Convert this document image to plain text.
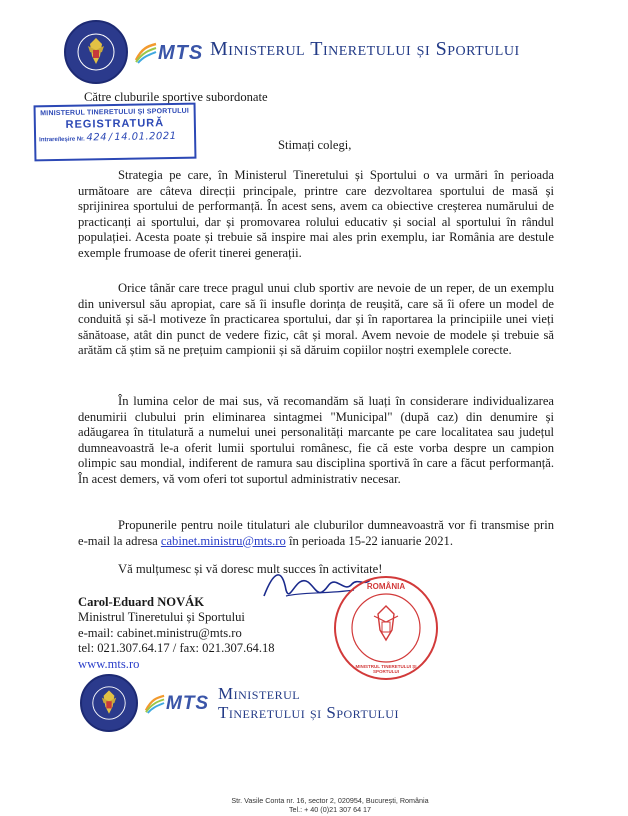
MTS Ministerul Tineretului și Sportului
Către cluburile sportive subordonate
MINISTERUL TINERETULUI ȘI SPORTULUI
REGISTRATURĂ
Intrare/Ieșire Nr. 424 / 14.01.2021
Stimați colegi,

Strategia pe care, în Ministerul Tineretului și Sportului o va urmări în perioada următoare are câteva direcții principale, printre care dezvoltarea sportului de masă și sprijinirea sportului de performanță. În acest sens, avem ca obiective creșterea numărului de practicanți ai sportului, dar și promovarea rolului educativ și social al sportului în rândul populației. Acesta poate și trebuie să inspire mai ales prin exemplu, iar România are destule exemple frumoase de oferit tinerei generații.

Orice tânăr care trece pragul unui club sportiv are nevoie de un reper, de un exemplu din universul său apropiat, care să îi insufle dorința de reușită, care să îi ofere un model de conduită și să-l motiveze în practicarea sportului, dar și în raportarea la principiile unei vieți sănătoase, atât din punct de vedere fizic, cât și moral. Avem nevoie de modele și trebuie să arătăm că știm să ne prețuim campionii și să dăruim copiilor noștri exemplele corecte.

În lumina celor de mai sus, vă recomandăm să luați în considerare individualizarea denumirii clubului prin eliminarea sintagmei "Municipal" (după caz) din denumire și adăugarea în titulatură a numelui unei personalități marcante pe care localitatea sau județul dumneavoastră le-a oferit lumii sportului românesc, fie că este vorba despre un campion olimpic sau mondial, indiferent de ramura sau disciplina sportivă în care a făcut performanță. În acest demers, vă vom oferi tot suportul administrativ necesar.

Propunerile pentru noile titulaturi ale cluburilor dumneavoastră vor fi transmise prin e-mail la adresa cabinet.ministru@mts.ro în perioada 15-22 ianuarie 2021.

Vă mulțumesc și vă doresc mult succes în activitate!

Carol-Eduard NOVÁK
Ministrul Tineretului și Sportului
e-mail: cabinet.ministru@mts.ro
tel: 021.307.64.17 / fax: 021.307.64.18
www.mts.ro
ROMÂNIA
MINISTRUL TINERETULUI ȘI SPORTULUI
MTS Ministerul
Tineretului și Sportului
Str. Vasile Conta nr. 16, sector 2, 020954, București, România
Tel.: + 40 (0)21 307 64 17
